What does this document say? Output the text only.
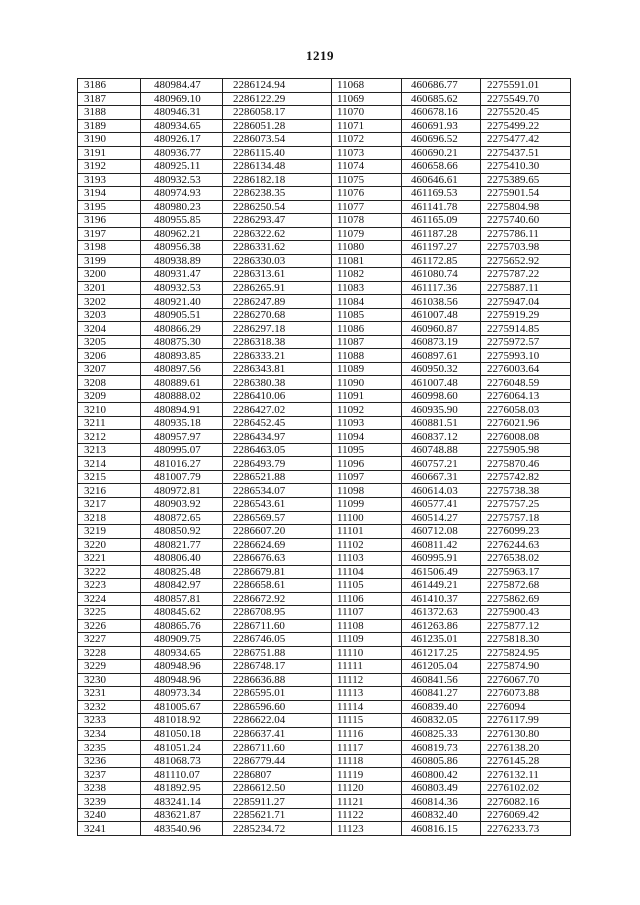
1219
3186	480984.47	2286124.94	11068	460686.77	2275591.01
3187	480969.10	2286122.29	11069	460685.62	2275549.70
3188	480946.31	2286058.17	11070	460678.16	2275520.45
3189	480934.65	2286051.28	11071	460691.93	2275499.22
3190	480926.17	2286073.54	11072	460696.52	2275477.42
3191	480936.77	2286115.40	11073	460690.21	2275437.51
3192	480925.11	2286134.48	11074	460658.66	2275410.30
3193	480932.53	2286182.18	11075	460646.61	2275389.65
3194	480974.93	2286238.35	11076	461169.53	2275901.54
3195	480980.23	2286250.54	11077	461141.78	2275804.98
3196	480955.85	2286293.47	11078	461165.09	2275740.60
3197	480962.21	2286322.62	11079	461187.28	2275786.11
3198	480956.38	2286331.62	11080	461197.27	2275703.98
3199	480938.89	2286330.03	11081	461172.85	2275652.92
3200	480931.47	2286313.61	11082	461080.74	2275787.22
3201	480932.53	2286265.91	11083	461117.36	2275887.11
3202	480921.40	2286247.89	11084	461038.56	2275947.04
3203	480905.51	2286270.68	11085	461007.48	2275919.29
3204	480866.29	2286297.18	11086	460960.87	2275914.85
3205	480875.30	2286318.38	11087	460873.19	2275972.57
3206	480893.85	2286333.21	11088	460897.61	2275993.10
3207	480897.56	2286343.81	11089	460950.32	2276003.64
3208	480889.61	2286380.38	11090	461007.48	2276048.59
3209	480888.02	2286410.06	11091	460998.60	2276064.13
3210	480894.91	2286427.02	11092	460935.90	2276058.03
3211	480935.18	2286452.45	11093	460881.51	2276021.96
3212	480957.97	2286434.97	11094	460837.12	2276008.08
3213	480995.07	2286463.05	11095	460748.88	2275905.98
3214	481016.27	2286493.79	11096	460757.21	2275870.46
3215	481007.79	2286521.88	11097	460667.31	2275742.82
3216	480972.81	2286534.07	11098	460614.03	2275738.38
3217	480903.92	2286543.61	11099	460577.41	2275757.25
3218	480872.65	2286569.57	11100	460514.27	2275757.18
3219	480850.92	2286607.20	11101	460712.08	2276099.23
3220	480821.77	2286624.69	11102	460811.42	2276244.63
3221	480806.40	2286676.63	11103	460995.91	2276538.02
3222	480825.48	2286679.81	11104	461506.49	2275963.17
3223	480842.97	2286658.61	11105	461449.21	2275872.68
3224	480857.81	2286672.92	11106	461410.37	2275862.69
3225	480845.62	2286708.95	11107	461372.63	2275900.43
3226	480865.76	2286711.60	11108	461263.86	2275877.12
3227	480909.75	2286746.05	11109	461235.01	2275818.30
3228	480934.65	2286751.88	11110	461217.25	2275824.95
3229	480948.96	2286748.17	11111	461205.04	2275874.90
3230	480948.96	2286636.88	11112	460841.56	2276067.70
3231	480973.34	2286595.01	11113	460841.27	2276073.88
3232	481005.67	2286596.60	11114	460839.40	2276094
3233	481018.92	2286622.04	11115	460832.05	2276117.99
3234	481050.18	2286637.41	11116	460825.33	2276130.80
3235	481051.24	2286711.60	11117	460819.73	2276138.20
3236	481068.73	2286779.44	11118	460805.86	2276145.28
3237	481110.07	2286807	11119	460800.42	2276132.11
3238	481892.95	2286612.50	11120	460803.49	2276102.02
3239	483241.14	2285911.27	11121	460814.36	2276082.16
3240	483621.87	2285621.71	11122	460832.40	2276069.42
3241	483540.96	2285234.72	11123	460816.15	2276233.73
